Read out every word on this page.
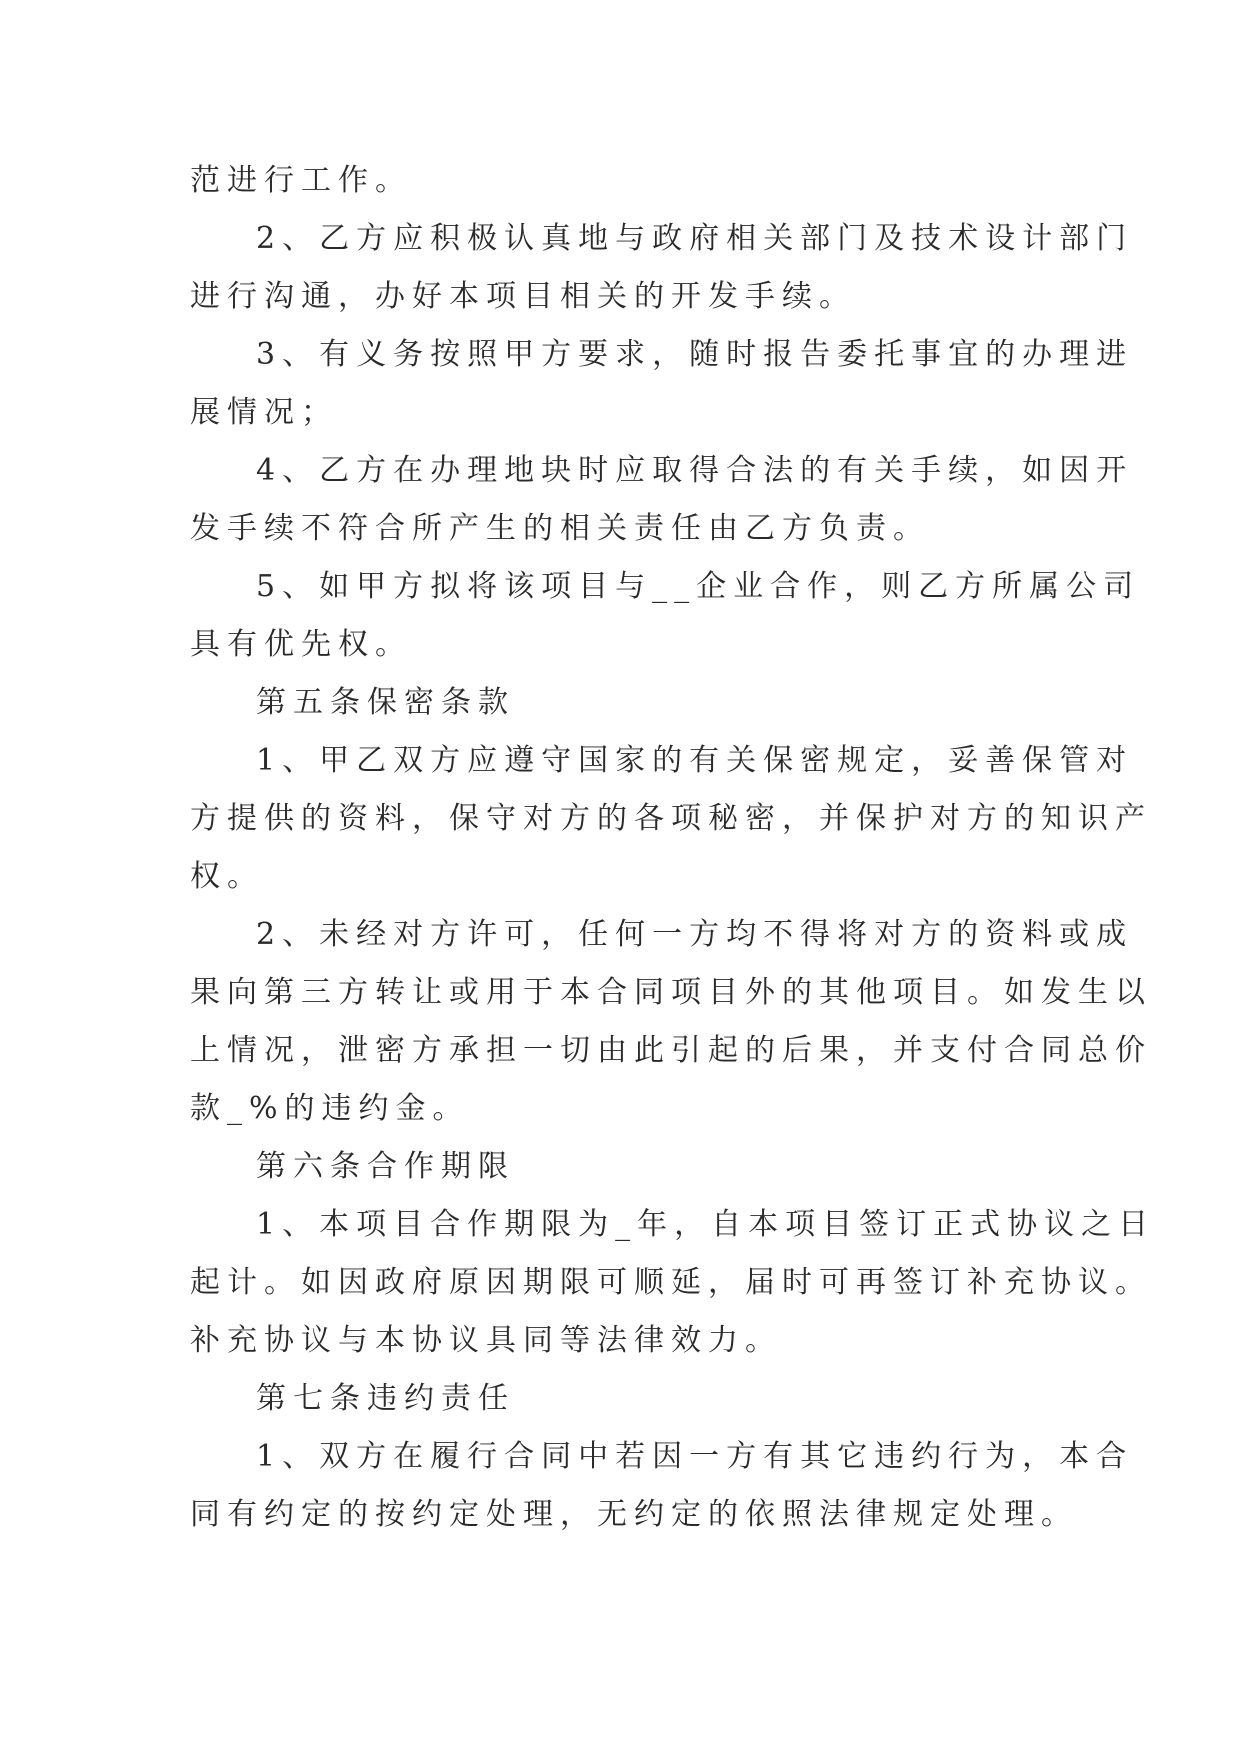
范进行工作。
2、乙方应积极认真地与政府相关部门及技术设计部门
进行沟通，办好本项目相关的开发手续。
3、有义务按照甲方要求，随时报告委托事宜的办理进
展情况；
4、乙方在办理地块时应取得合法的有关手续，如因开
发手续不符合所产生的相关责任由乙方负责。
5、如甲方拟将该项目与__企业合作，则乙方所属公司
具有优先权。
第五条保密条款
1、甲乙双方应遵守国家的有关保密规定，妥善保管对
方提供的资料，保守对方的各项秘密，并保护对方的知识产
权。
2、未经对方许可，任何一方均不得将对方的资料或成
果向第三方转让或用于本合同项目外的其他项目。如发生以
上情况，泄密方承担一切由此引起的后果，并支付合同总价
款_%的违约金。
第六条合作期限
1、本项目合作期限为_年，自本项目签订正式协议之日
起计。如因政府原因期限可顺延，届时可再签订补充协议。
补充协议与本协议具同等法律效力。
第七条违约责任
1、双方在履行合同中若因一方有其它违约行为，本合
同有约定的按约定处理，无约定的依照法律规定处理。
